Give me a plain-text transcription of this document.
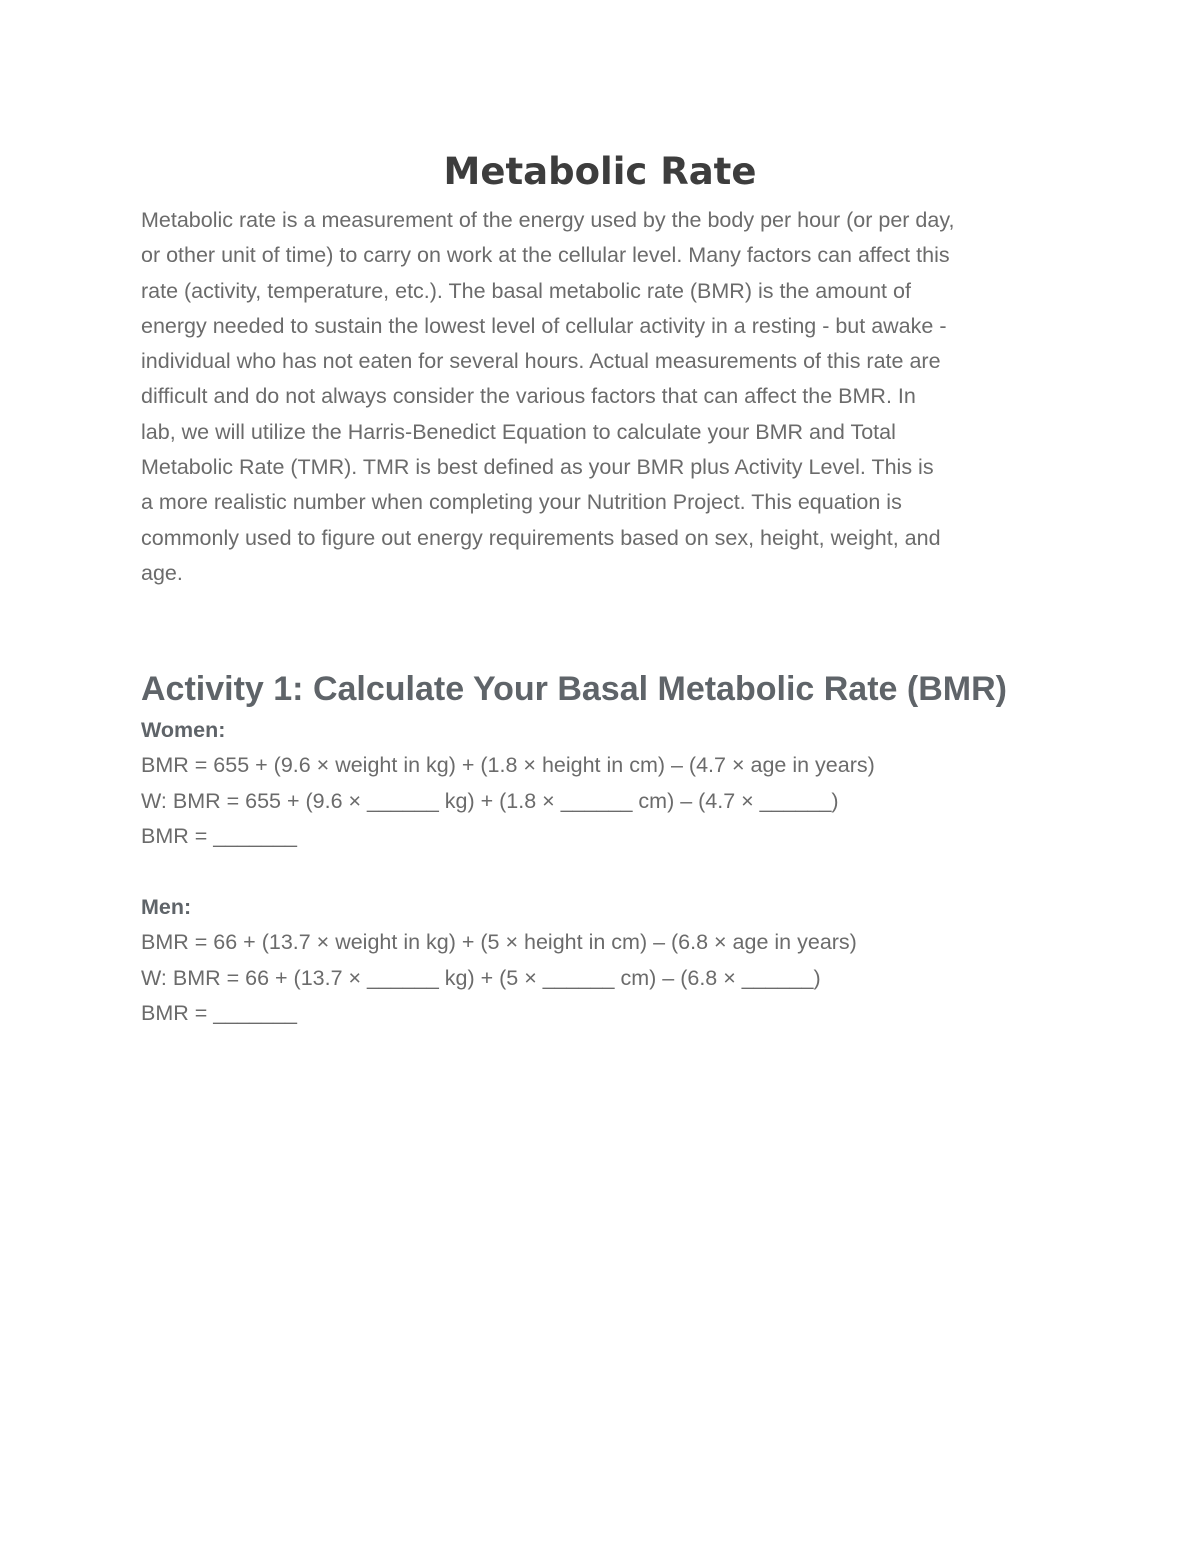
Metabolic Rate

Metabolic rate is a measurement of the energy used by the body per hour (or per day,
or other unit of time) to carry on work at the cellular level. Many factors can affect this
rate (activity, temperature, etc.). The basal metabolic rate (BMR) is the amount of
energy needed to sustain the lowest level of cellular activity in a resting - but awake -
individual who has not eaten for several hours. Actual measurements of this rate are
difficult and do not always consider the various factors that can affect the BMR. In
lab, we will utilize the Harris-Benedict Equation to calculate your BMR and Total
Metabolic Rate (TMR). TMR is best defined as your BMR plus Activity Level. This is
a more realistic number when completing your Nutrition Project. This equation is
commonly used to figure out energy requirements based on sex, height, weight, and
age.

Activity 1: Calculate Your Basal Metabolic Rate (BMR)
Women:
BMR = 655 + (9.6 × weight in kg) + (1.8 × height in cm) – (4.7 × age in years)
W: BMR = 655 + (9.6 × ______ kg) + (1.8 × ______ cm) – (4.7 × ______)
BMR = _______
Men:
BMR = 66 + (13.7 × weight in kg) + (5 × height in cm) – (6.8 × age in years)
W: BMR = 66 + (13.7 × ______ kg) + (5 × ______ cm) – (6.8 × ______)
BMR = _______
